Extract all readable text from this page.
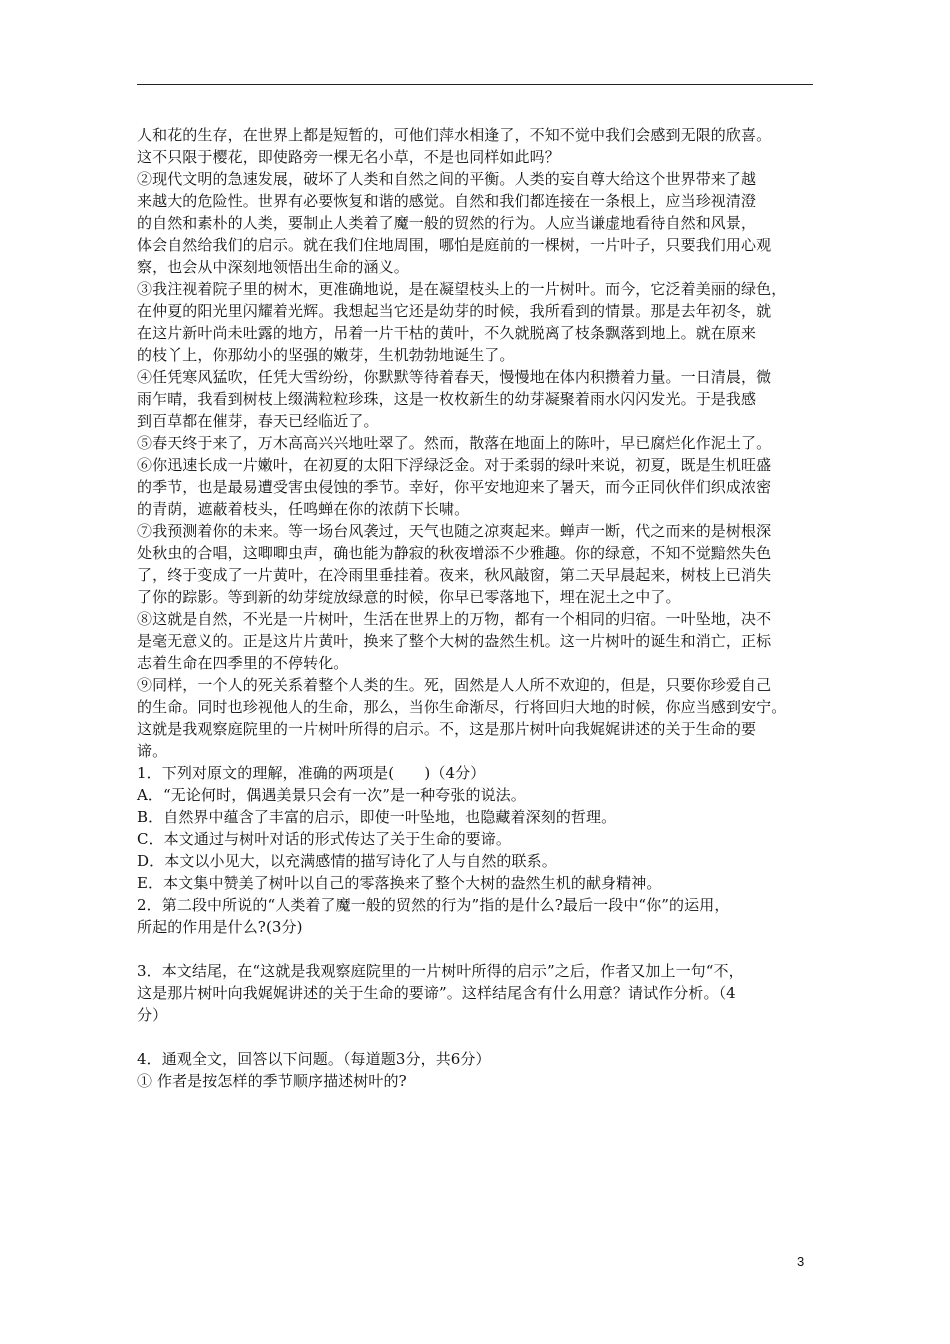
人和花的生存，在世界上都是短暂的，可他们萍水相逢了，不知不觉中我们会感到无限的欣喜。
这不只限于樱花，即使路旁一棵无名小草，不是也同样如此吗？
②现代文明的急速发展，破坏了人类和自然之间的平衡。人类的妄自尊大给这个世界带来了越
来越大的危险性。世界有必要恢复和谐的感觉。自然和我们都连接在一条根上，应当珍视清澄
的自然和素朴的人类，要制止人类着了魔一般的贸然的行为。人应当谦虚地看待自然和风景，
体会自然给我们的启示。就在我们住地周围，哪怕是庭前的一棵树，一片叶子，只要我们用心观
察，也会从中深刻地领悟出生命的涵义。
③我注视着院子里的树木，更准确地说，是在凝望枝头上的一片树叶。而今，它泛着美丽的绿色，
在仲夏的阳光里闪耀着光辉。我想起当它还是幼芽的时候，我所看到的情景。那是去年初冬，就
在这片新叶尚未吐露的地方，吊着一片干枯的黄叶，不久就脱离了枝条飘落到地上。就在原来
的枝丫上，你那幼小的坚强的嫩芽，生机勃勃地诞生了。
④任凭寒风猛吹，任凭大雪纷纷，你默默等待着春天，慢慢地在体内积攒着力量。一日清晨，微
雨乍晴，我看到树枝上缀满粒粒珍珠，这是一枚枚新生的幼芽凝聚着雨水闪闪发光。于是我感
到百草都在催芽，春天已经临近了。
⑤春天终于来了，万木高高兴兴地吐翠了。然而，散落在地面上的陈叶，早已腐烂化作泥土了。
⑥你迅速长成一片嫩叶，在初夏的太阳下浮绿泛金。对于柔弱的绿叶来说，初夏，既是生机旺盛
的季节，也是最易遭受害虫侵蚀的季节。幸好，你平安地迎来了暑天，而今正同伙伴们织成浓密
的青荫，遮蔽着枝头，任鸣蝉在你的浓荫下长啸。
⑦我预测着你的未来。等一场台风袭过，天气也随之凉爽起来。蝉声一断，代之而来的是树根深
处秋虫的合唱，这唧唧虫声，确也能为静寂的秋夜增添不少雅趣。你的绿意，不知不觉黯然失色
了，终于变成了一片黄叶，在冷雨里垂挂着。夜来，秋风敲窗，第二天早晨起来，树枝上已消失
了你的踪影。等到新的幼芽绽放绿意的时候，你早已零落地下，埋在泥土之中了。
⑧这就是自然，不光是一片树叶，生活在世界上的万物，都有一个相同的归宿。一叶坠地，决不
是毫无意义的。正是这片片黄叶，换来了整个大树的盎然生机。这一片树叶的诞生和消亡，正标
志着生命在四季里的不停转化。
⑨同样，一个人的死关系着整个人类的生。死，固然是人人所不欢迎的，但是，只要你珍爱自己
的生命。同时也珍视他人的生命，那么，当你生命渐尽，行将回归大地的时候，你应当感到安宁。
这就是我观察庭院里的一片树叶所得的启示。不，这是那片树叶向我娓娓讲述的关于生命的要
谛。
1．下列对原文的理解，准确的两项是(　　)（4分）
A．“无论何时，偶遇美景只会有一次”是一种夸张的说法。
B．自然界中蕴含了丰富的启示，即使一叶坠地，也隐藏着深刻的哲理。
C．本文通过与树叶对话的形式传达了关于生命的要谛。
D．本文以小见大，以充满感情的描写诗化了人与自然的联系。
E．本文集中赞美了树叶以自己的零落换来了整个大树的盎然生机的献身精神。
2．第二段中所说的“人类着了魔一般的贸然的行为”指的是什么?最后一段中“你”的运用，
所起的作用是什么?(3分)
3．本文结尾，在“这就是我观察庭院里的一片树叶所得的启示”之后，作者又加上一句“不，
这是那片树叶向我娓娓讲述的关于生命的要谛”。这样结尾含有什么用意？请试作分析。（4
分）
4．通观全文，回答以下问题。（每道题3分，共6分）
① 作者是按怎样的季节顺序描述树叶的?
3
